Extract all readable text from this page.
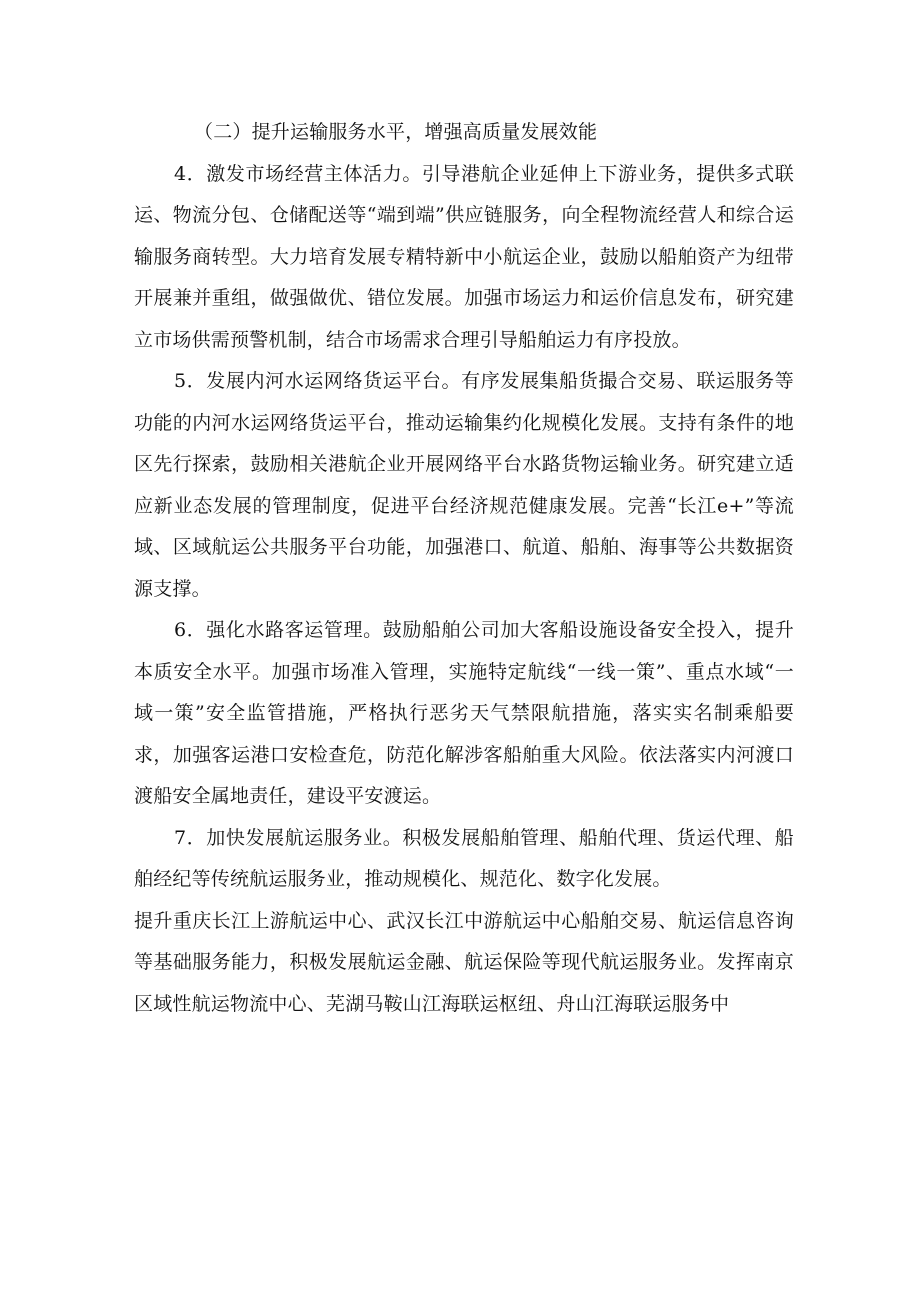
（二）提升运输服务水平，增强高质量发展效能

4．激发市场经营主体活力。引导港航企业延伸上下游业务，提供多式联运、物流分包、仓储配送等“端到端”供应链服务，向全程物流经营人和综合运输服务商转型。大力培育发展专精特新中小航运企业，鼓励以船舶资产为纽带开展兼并重组，做强做优、错位发展。加强市场运力和运价信息发布，研究建立市场供需预警机制，结合市场需求合理引导船舶运力有序投放。

5．发展内河水运网络货运平台。有序发展集船货撮合交易、联运服务等功能的内河水运网络货运平台，推动运输集约化规模化发展。支持有条件的地区先行探索，鼓励相关港航企业开展网络平台水路货物运输业务。研究建立适应新业态发展的管理制度，促进平台经济规范健康发展。完善“长江e+”等流域、区域航运公共服务平台功能，加强港口、航道、船舶、海事等公共数据资源支撑。

6．强化水路客运管理。鼓励船舶公司加大客船设施设备安全投入，提升本质安全水平。加强市场准入管理，实施特定航线“一线一策”、重点水域“一域一策”安全监管措施，严格执行恶劣天气禁限航措施，落实实名制乘船要求，加强客运港口安检查危，防范化解涉客船舶重大风险。依法落实内河渡口渡船安全属地责任，建设平安渡运。

7．加快发展航运服务业。积极发展船舶管理、船舶代理、货运代理、船舶经纪等传统航运服务业，推动规模化、规范化、数字化发展。

提升重庆长江上游航运中心、武汉长江中游航运中心船舶交易、航运信息咨询等基础服务能力，积极发展航运金融、航运保险等现代航运服务业。发挥南京区域性航运物流中心、芜湖马鞍山江海联运枢纽、舟山江海联运服务中
